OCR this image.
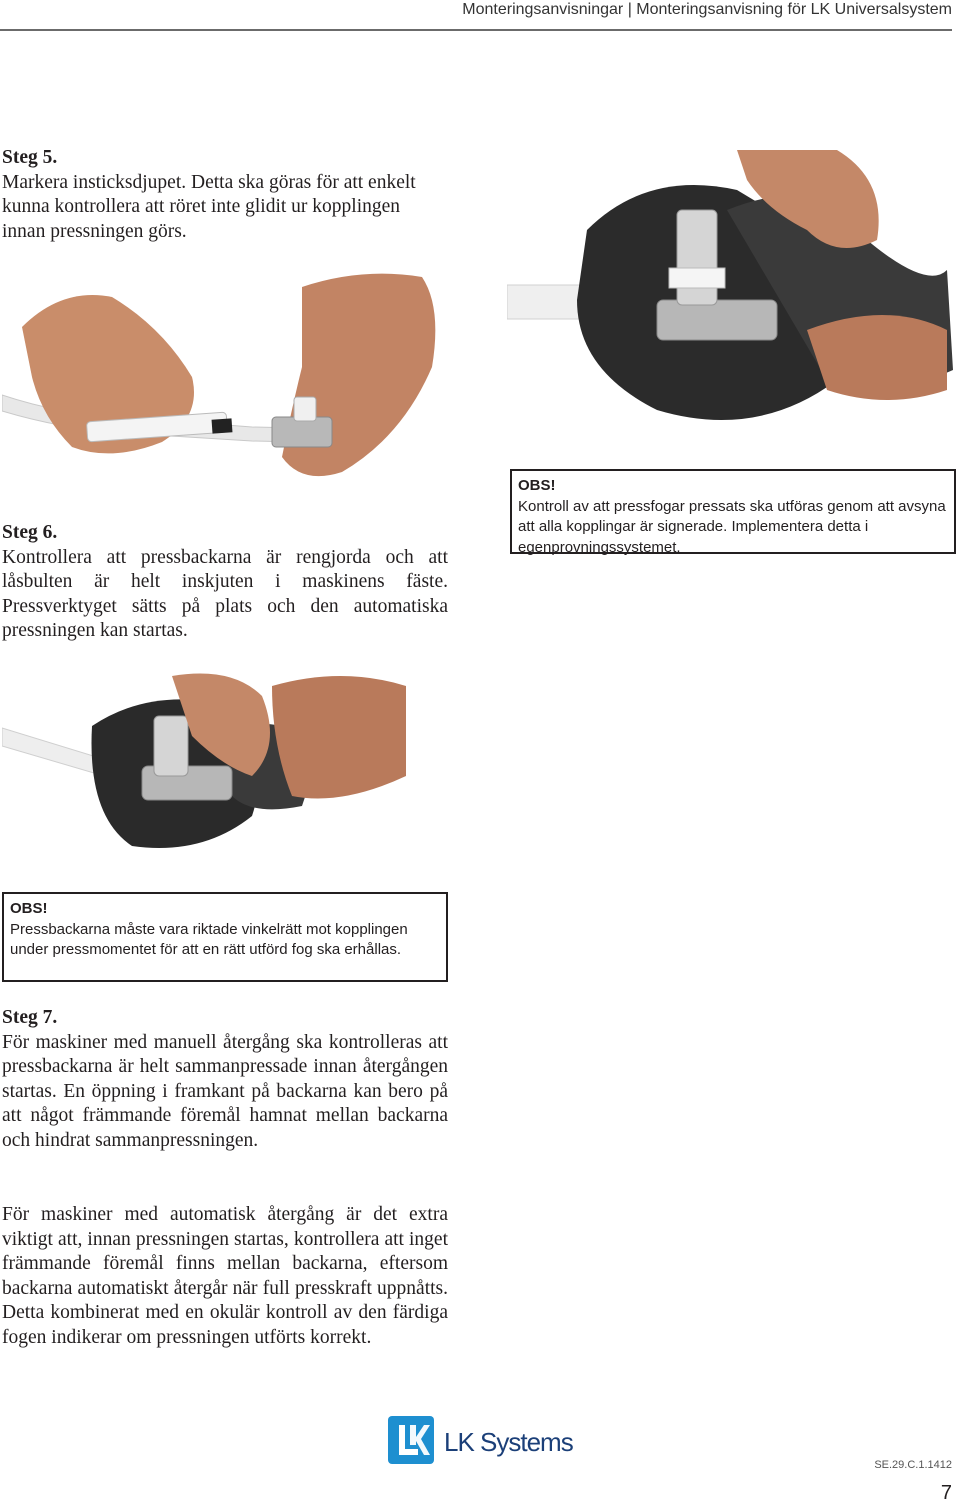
Monteringsanvisningar | Monteringsanvisning för LK Universalsystem
Steg 5.
Markera insticksdjupet. Detta ska göras för att enkelt kunna kontrollera att röret inte glidit ur kopplingen innan pressningen görs.
Steg 6.
Kontrollera att pressbackarna är rengjorda och att låsbulten är helt inskjuten i maskinens fäste. Pressverktyget sätts på plats och den automatiska pressningen kan startas.
OBS!
Kontroll av att pressfogar pressats ska utföras genom att avsyna att alla kopplingar är signerade. Implementera detta i egenprovningssystemet.
OBS!
Pressbackarna måste vara riktade vinkelrätt mot kopplingen under pressmomentet för att en rätt utförd fog ska erhållas.
Steg 7.
För maskiner med manuell återgång ska kontrolleras att pressbackarna är helt sammanpressade innan återgången startas. En öppning i framkant på backarna kan bero på att något främmande föremål hamnat mellan backarna och hindrat sammanpressningen.
För maskiner med automatisk återgång är det extra viktigt att, innan pressningen startas, kontrollera att inget främmande föremål finns mellan backarna, eftersom backarna automatiskt återgår när full presskraft uppnåtts. Detta kombinerat med en okulär kontroll av den färdiga fogen indikerar om pressningen utförts korrekt.
LK Systems
SE.29.C.1.1412
7
